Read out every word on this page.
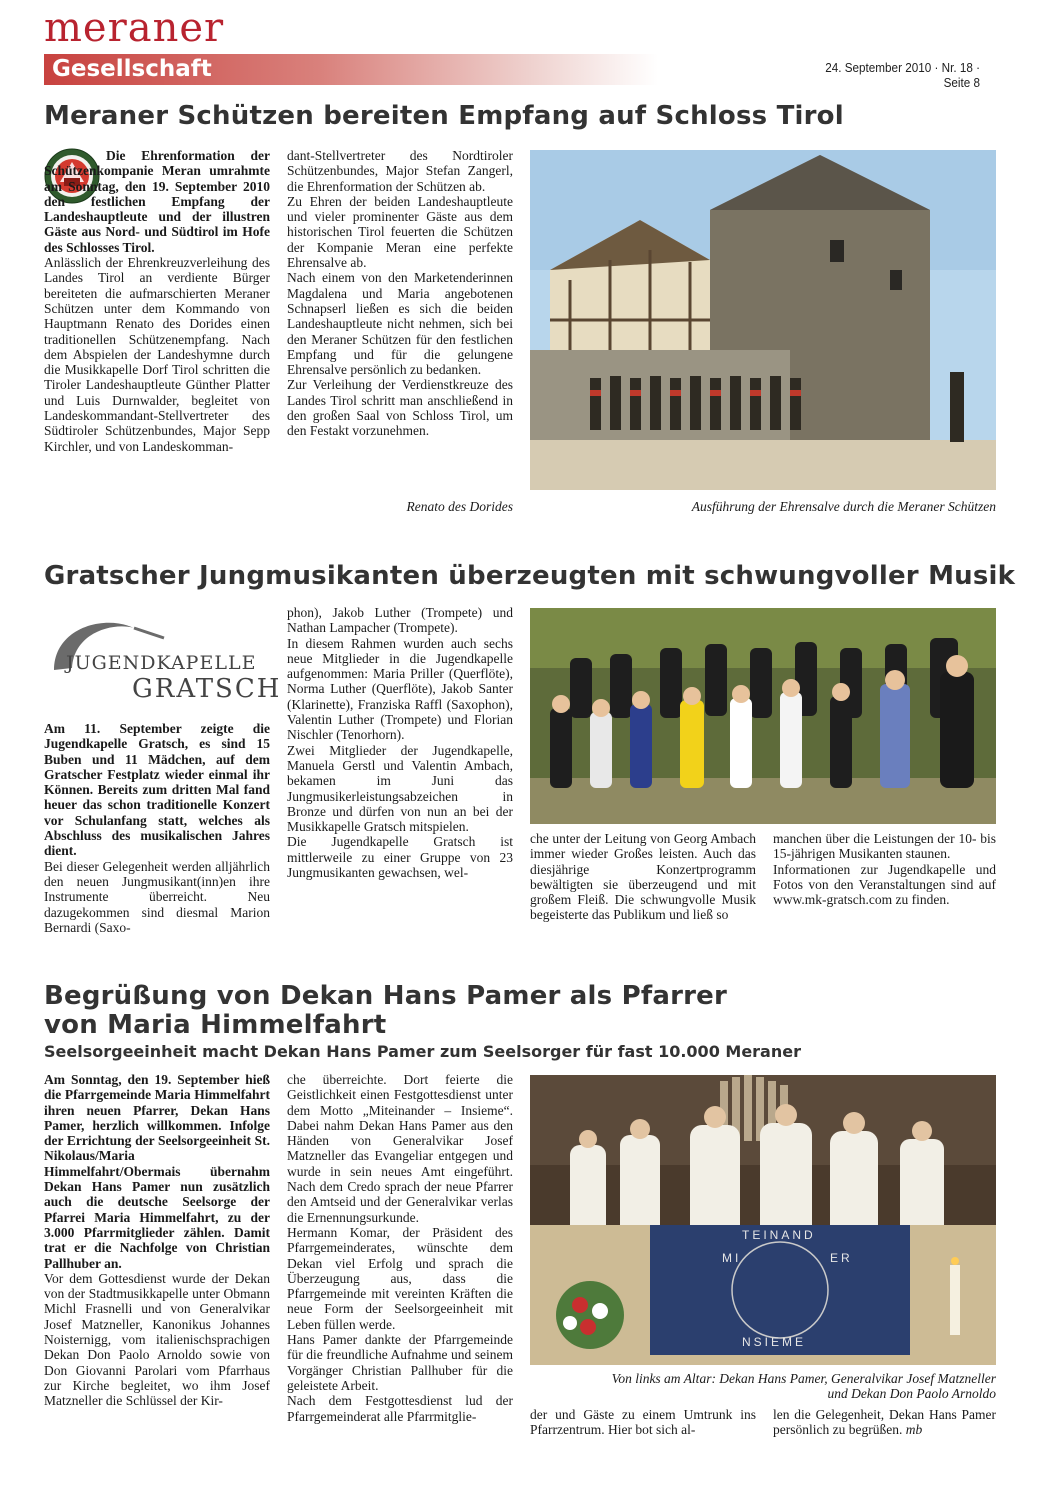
meraner
Gesellschaft	24. September 2010 · Nr. 18 · Seite 8
Meraner Schützen bereiten Empfang auf Schloss Tirol

Die Ehrenformation der Schützenkompanie Meran umrahmte am Sonntag, den 19. September 2010 den festlichen Empfang der Landeshauptleute und der illustren Gäste aus Nord- und Südtirol im Hofe des Schlosses Tirol.

Anlässlich der Ehrenkreuzverleihung des Landes Tirol an verdiente Bürger bereiteten die aufmarschierten Meraner Schützen unter dem Kommando von Hauptmann Renato des Dorides einen traditionellen Schützenempfang. Nach dem Abspielen der Landeshymne durch die Musikkapelle Dorf Tirol schritten die Tiroler Landeshauptleute Günther Platter und Luis Durnwalder, begleitet von Landeskommandant-Stellvertreter des Südtiroler Schützenbundes, Major Sepp Kirchler, und von Landeskomman-

dant-Stellvertreter des Nordtiroler Schützenbundes, Major Stefan Zangerl, die Ehrenformation der Schützen ab.

Zu Ehren der beiden Landeshauptleute und vieler prominenter Gäste aus dem historischen Tirol feuerten die Schützen der Kompanie Meran eine perfekte Ehrensalve ab.

Nach einem von den Marketenderinnen Magdalena und Maria angebotenen Schnapserl ließen es sich die beiden Landeshauptleute nicht nehmen, sich bei den Meraner Schützen für den festlichen Empfang und für die gelungene Ehrensalve persönlich zu bedanken.

Zur Verleihung der Verdienstkreuze des Landes Tirol schritt man anschließend in den großen Saal von Schloss Tirol, um den Festakt vorzunehmen.

Renato des Dorides	Ausführung der Ehrensalve durch die Meraner Schützen
Gratscher Jungmusikanten überzeugten mit schwungvoller Musik
JUGENDKAPELLE
GRATSCH

Am 11. September zeigte die Jugendkapelle Gratsch, es sind 15 Buben und 11 Mädchen, auf dem Gratscher Festplatz wieder einmal ihr Können. Bereits zum dritten Mal fand heuer das schon traditionelle Konzert vor Schulanfang statt, welches als Abschluss des musikalischen Jahres dient.

Bei dieser Gelegenheit werden alljährlich den neuen Jungmusikant(inn)en ihre Instrumente überreicht. Neu dazugekommen sind diesmal Marion Bernardi (Saxo-

phon), Jakob Luther (Trompete) und Nathan Lampacher (Trompete).

In diesem Rahmen wurden auch sechs neue Mitglieder in die Jugendkapelle aufgenommen: Maria Priller (Querflöte), Norma Luther (Querflöte), Jakob Santer (Klarinette), Franziska Raffl (Saxophon), Valentin Luther (Trompete) und Florian Nischler (Tenorhorn).

Zwei Mitglieder der Jugendkapelle, Manuela Gerstl und Valentin Ambach, bekamen im Juni das Jungmusikerleistungsabzeichen in Bronze und dürfen von nun an bei der Musikkapelle Gratsch mitspielen.

Die Jugendkapelle Gratsch ist mittlerweile zu einer Gruppe von 23 Jungmusikanten gewachsen, wel-

che unter der Leitung von Georg Ambach immer wieder Großes leisten. Auch das diesjährige Konzertprogramm bewältigten sie überzeugend und mit großem Fleiß. Die schwungvolle Musik begeisterte das Publikum und ließ so

manchen über die Leistungen der 10- bis 15-jährigen Musikanten staunen.

Informationen zur Jugendkapelle und Fotos von den Veranstaltungen sind auf www.mk-gratsch.com zu finden.

Begrüßung von Dekan Hans Pamer als Pfarrer
von Maria Himmelfahrt
Seelsorgeeinheit macht Dekan Hans Pamer zum Seelsorger für fast 10.000 Meraner

Am Sonntag, den 19. September hieß die Pfarrgemeinde Maria Himmelfahrt ihren neuen Pfarrer, Dekan Hans Pamer, herzlich willkommen. Infolge der Errichtung der Seelsorgeeinheit St. Nikolaus/Maria Himmelfahrt/Obermais übernahm Dekan Hans Pamer nun zusätzlich auch die deutsche Seelsorge der Pfarrei Maria Himmelfahrt, zu der 3.000 Pfarrmitglieder zählen. Damit trat er die Nachfolge von Christian Pallhuber an.

Vor dem Gottesdienst wurde der Dekan von der Stadtmusikkapelle unter Obmann Michl Frasnelli und von Generalvikar Josef Matzneller, Kanonikus Johannes Noisternigg, vom italienischsprachigen Dekan Don Paolo Arnoldo sowie von Don Giovanni Parolari vom Pfarrhaus zur Kirche begleitet, wo ihm Josef Matzneller die Schlüssel der Kir-

che überreichte. Dort feierte die Geistlichkeit einen Festgottesdienst unter dem Motto „Miteinander – Insieme“. Dabei nahm Dekan Hans Pamer aus den Händen von Generalvikar Josef Matzneller das Evangeliar entgegen und wurde in sein neues Amt eingeführt. Nach dem Credo sprach der neue Pfarrer den Amtseid und der Generalvikar verlas die Ernennungsurkunde.

Hermann Komar, der Präsident des Pfarrgemeinderates, wünschte dem Dekan viel Erfolg und sprach die Überzeugung aus, dass die Pfarrgemeinde mit vereinten Kräften die neue Form der Seelsorgeeinheit mit Leben füllen werde.

Hans Pamer dankte der Pfarrgemeinde für die freundliche Aufnahme und seinem Vorgänger Christian Pallhuber für die geleistete Arbeit.

Nach dem Festgottesdienst lud der Pfarrgemeinderat alle Pfarrmitglie-

TEINAND
ER
MI
NSIEME
Von links am Altar: Dekan Hans Pamer, Generalvikar Josef Matzneller
und Dekan Don Paolo Arnoldo

der und Gäste zu einem Umtrunk ins Pfarrzentrum. Hier bot sich al-

len die Gelegenheit, Dekan Hans Pamer persönlich zu begrüßen. mb
